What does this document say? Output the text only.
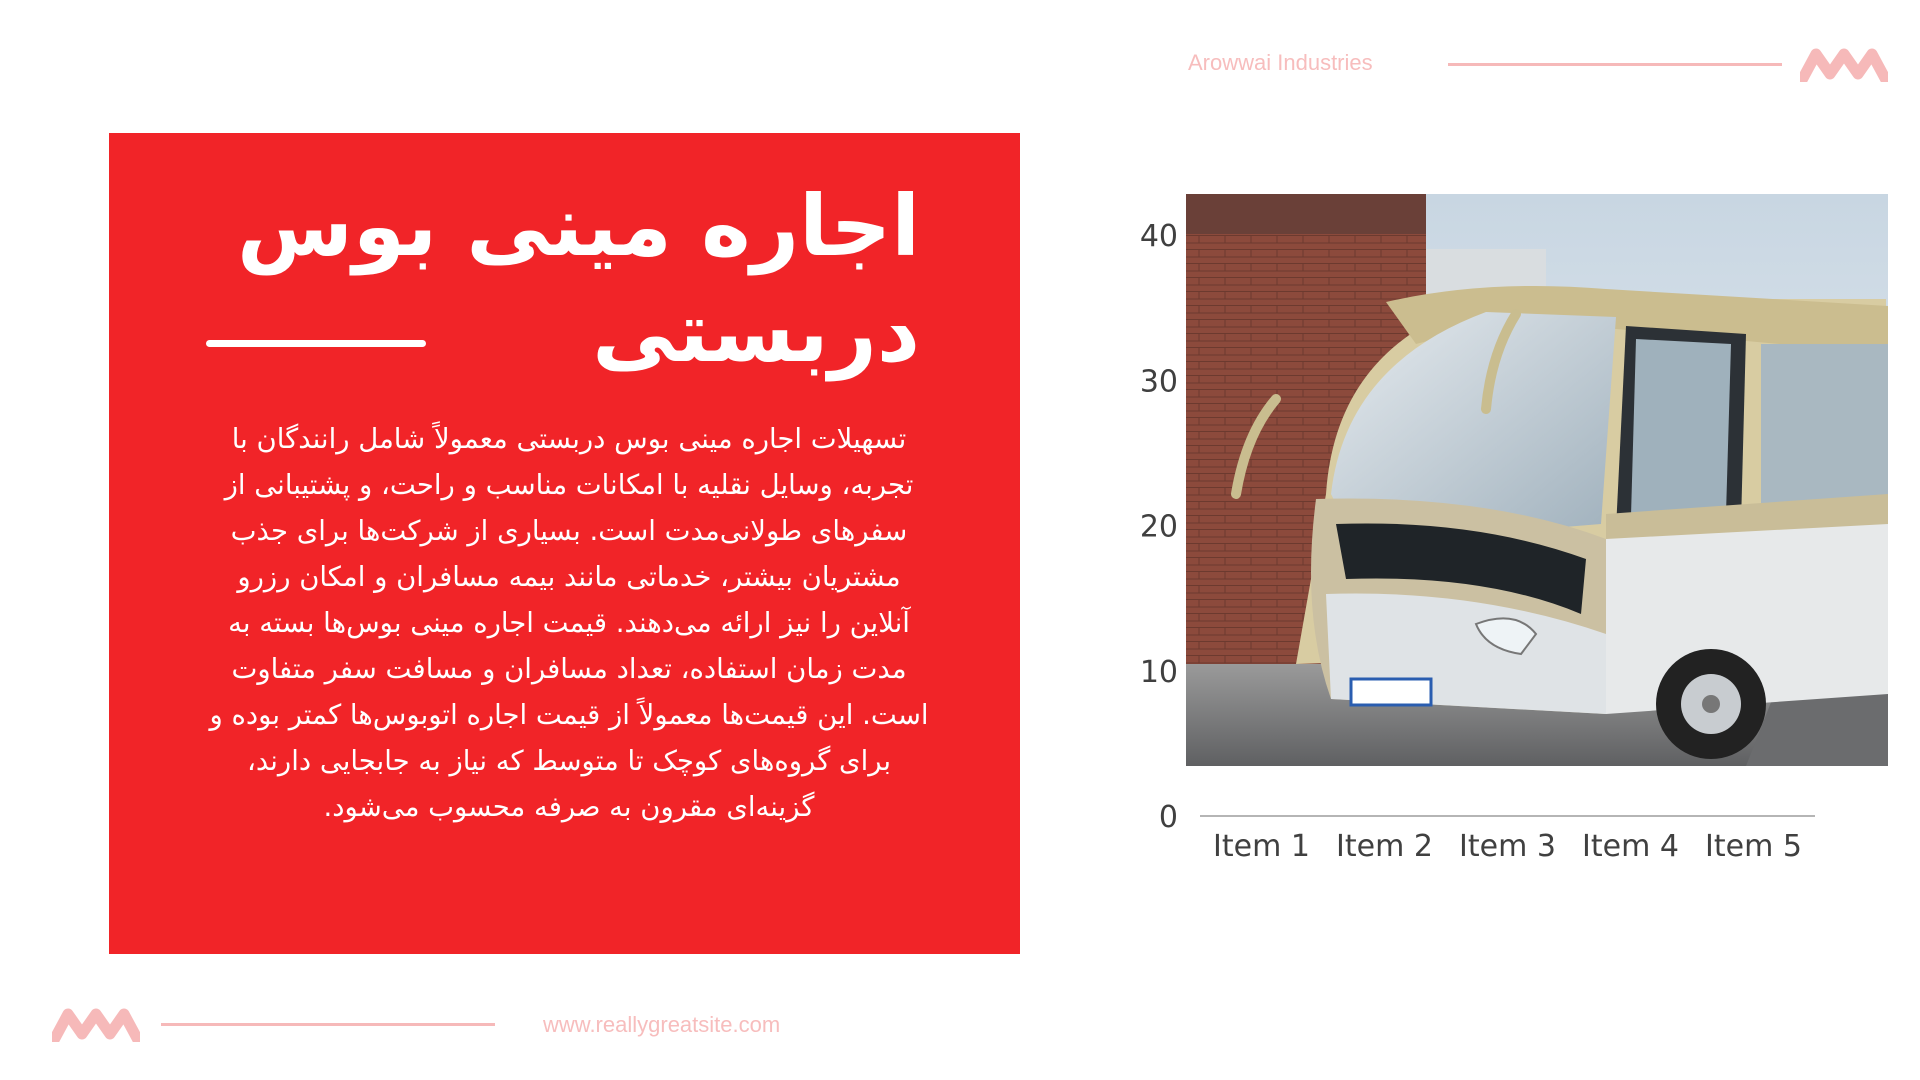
Arowwai Industries
اجاره مینی بوس دربستی

تسهیلات اجاره مینی بوس دربستی معمولاً شامل رانندگان با تجربه، وسایل نقلیه با امکانات مناسب و راحت، و پشتیبانی از سفرهای طولانی‌مدت است. بسیاری از شرکت‌ها برای جذب مشتریان بیشتر، خدماتی مانند بیمه مسافران و امکان رزرو آنلاین را نیز ارائه می‌دهند. قیمت اجاره مینی بوس‌ها بسته به مدت زمان استفاده، تعداد مسافران و مسافت سفر متفاوت است. این قیمت‌ها معمولاً از قیمت اجاره اتوبوس‌ها کمتر بوده و برای گروه‌های کوچک تا متوسط که نیاز به جابجایی دارند، گزینه‌ای مقرون به صرفه محسوب می‌شود.	0
10
20
30
40
Item 1 Item 2 Item 3 Item 4 Item 5
www.reallygreatsite.com
